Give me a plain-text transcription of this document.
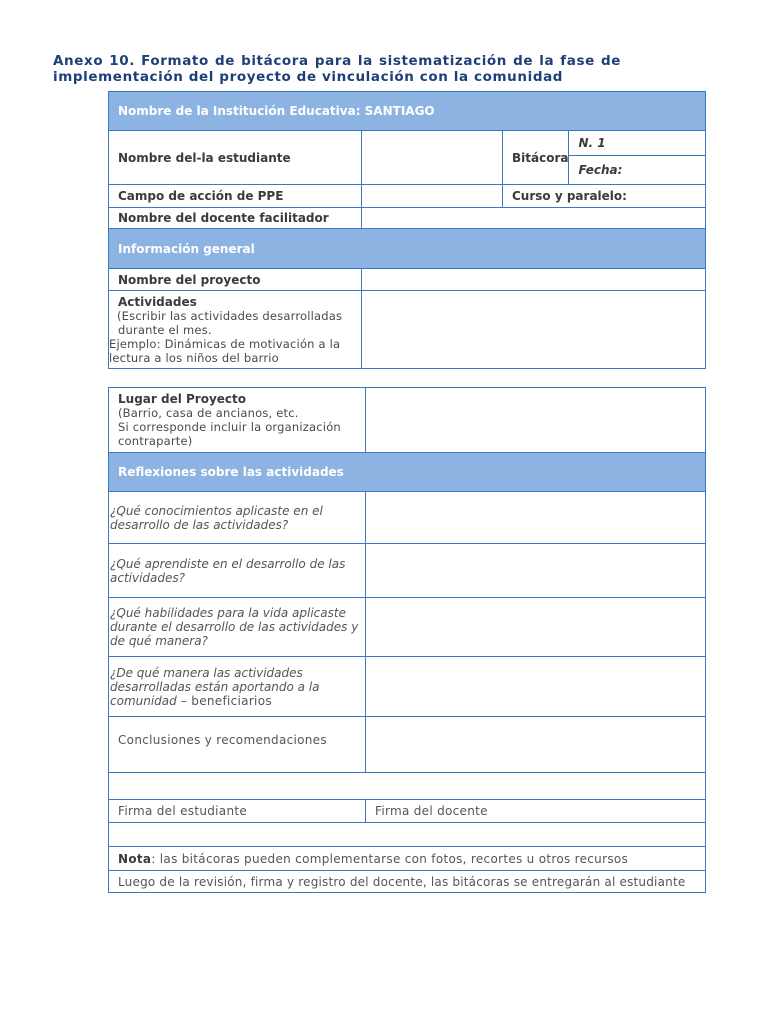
Anexo 10. Formato de bitácora para la sistematización de la fase de
implementación del proyecto de vinculación con la comunidad
Nombre de la Institución Educativa: SANTIAGO
Nombre del-la estudiante			Bitácora	N. 1
Fecha:

Campo de acción de PPE		Curso y paralelo:
Nombre del docente facilitador	
Información general
Nombre del proyecto	

Actividades
(Escribir las actividades desarrolladas durante el mes.
Ejemplo: Dinámicas de motivación a la lectura a los niños del barrio

Lugar del Proyecto
(Barrio, casa de ancianos, etc.
Si corresponde incluir la organización contraparte)	

Reflexiones sobre las actividades	
¿Qué conocimientos aplicaste en el desarrollo de las actividades?	
¿Qué aprendiste en el desarrollo de las actividades?	
¿Qué habilidades para la vida aplicaste durante el desarrollo de las actividades y de qué manera?	
¿De qué manera las actividades desarrolladas están aportando a la comunidad – beneficiarios	
Conclusiones y recomendaciones	

Firma del estudiante	Firma del docente

Nota: las bitácoras pueden complementarse con fotos, recortes u otros recursos	
Luego de la revisión, firma y registro del docente, las bitácoras se entregarán al estudiante	
